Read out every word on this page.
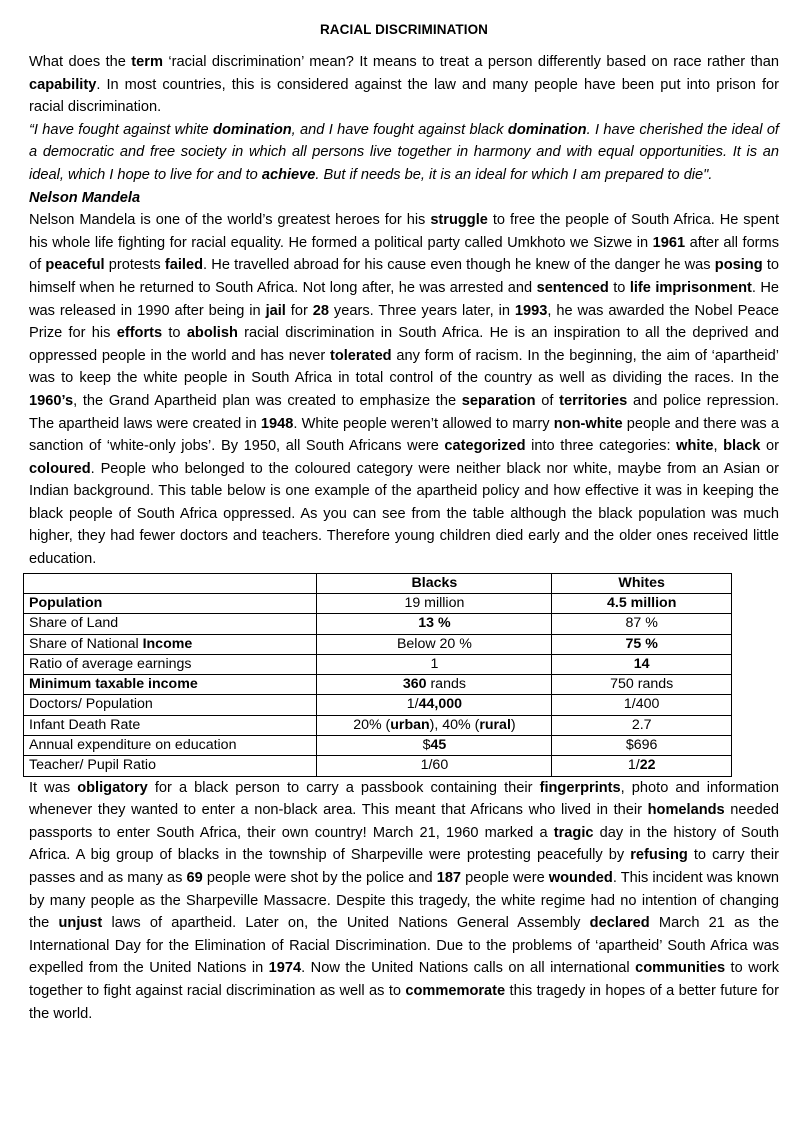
RACIAL DISCRIMINATION

What does the term ‘racial discrimination’ mean? It means to treat a person differently based on race rather than capability. In most countries, this is considered against the law and many people have been put into prison for racial discrimination.

“I have fought against white domination, and I have fought against black domination. I have cherished the ideal of a democratic and free society in which all persons live together in harmony and with equal opportunities. It is an ideal, which I hope to live for and to achieve. But if needs be, it is an ideal for which I am prepared to die".

Nelson Mandela

Nelson Mandela is one of the world’s greatest heroes for his struggle to free the people of South Africa. He spent his whole life fighting for racial equality. He formed a political party called Umkhoto we Sizwe in 1961 after all forms of peaceful protests failed. He travelled abroad for his cause even though he knew of the danger he was posing to himself when he returned to South Africa. Not long after, he was arrested and sentenced to life imprisonment. He was released in 1990 after being in jail for 28 years. Three years later, in 1993, he was awarded the Nobel Peace Prize for his efforts to abolish racial discrimination in South Africa. He is an inspiration to all the deprived and oppressed people in the world and has never tolerated any form of racism. In the beginning, the aim of ‘apartheid’ was to keep the white people in South Africa in total control of the country as well as dividing the races. In the 1960’s, the Grand Apartheid plan was created to emphasize the separation of territories and police repression. The apartheid laws were created in 1948. White people weren’t allowed to marry non-white people and there was a sanction of ‘white-only jobs’. By 1950, all South Africans were categorized into three categories: white, black or coloured. People who belonged to the coloured category were neither black nor white, maybe from an Asian or Indian background. This table below is one example of the apartheid policy and how effective it was in keeping the black people of South Africa oppressed. As you can see from the table although the black population was much higher, they had fewer doctors and teachers. Therefore young children died early and the older ones received little education.

	Blacks	Whites
Population	19 million	4.5 million
Share of Land	13 %	87 %
Share of National Income	Below 20 %	75 %
Ratio of average earnings	1	14
Minimum taxable income	360 rands	750 rands
Doctors/ Population	1/44,000	1/400
Infant Death Rate	20% (urban), 40% (rural)	2.7
Annual expenditure on education	$45	$696
Teacher/ Pupil Ratio	1/60	1/22

It was obligatory for a black person to carry a passbook containing their fingerprints, photo and information whenever they wanted to enter a non-black area. This meant that Africans who lived in their homelands needed passports to enter South Africa, their own country! March 21, 1960 marked a tragic day in the history of South Africa. A big group of blacks in the township of Sharpeville were protesting peacefully by refusing to carry their passes and as many as 69 people were shot by the police and 187 people were wounded. This incident was known by many people as the Sharpeville Massacre. Despite this tragedy, the white regime had no intention of changing the unjust laws of apartheid. Later on, the United Nations General Assembly declared March 21 as the International Day for the Elimination of Racial Discrimination. Due to the problems of ‘apartheid’ South Africa was expelled from the United Nations in 1974. Now the United Nations calls on all international communities to work together to fight against racial discrimination as well as to commemorate this tragedy in hopes of a better future for the world.
